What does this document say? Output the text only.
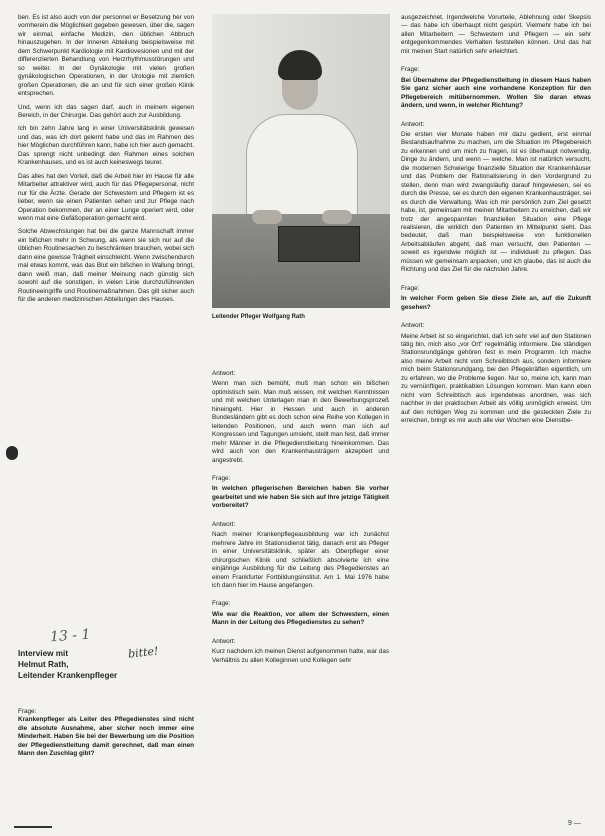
ben. Es ist also auch von der personnel er Besetzung her von vornherein die Möglichkeit gegeben gewesen, über die, sagen wir einmal, einfache Medizin, den üblichen Abbruch hinauszugehen. In der Inneren Abteilung beispielsweise mit dem Schwerpunkt Kardiologie mit Kardiovesionen und mit der differenzierten Behandlung von Herzrhythmusstörungen und so weiter. In der Gynäkologie mit vielen großen gynäkologischen Operationen, in der Urologie mit ziemlich großen Operationen, die an und für sich einer großen Klinik entsprechen.

Und, wenn ich das sagen darf, auch in meinem eigenen Bereich, in der Chirurgie. Das gehört auch zur Ausbildung.

Ich bin zehn Jahre lang in einer Universitätsklinik gewesen und das, was ich dort gelernt habe und das im Rahmen des hier Möglichen durchführen kann, habe ich hier auch gemacht. Das sprengt nicht unbedingt den Rahmen eines solchen Krankenhauses, und es ist auch keineswegs teurer.

Das alles hat den Vorteil, daß die Arbeit hier im Hause für alle Mitarbeiter attraktiver wird, auch für das Pflegepersonal, nicht nur für die Ärzte. Gerade der Schwestern und Pflegern ist es lieber, wenn sie einen Patienten sehen und zur Pflege nach Operation bekommen, der an einer Lunge operiert wird, oder wenn mal eine Gefäßoperation gemacht wird.

Solche Abwechslungen hat bei die ganze Mannschaft immer ein bißchen mehr in Schwung, als wenn sie sich nur auf die üblichen Routinesachen zu beschränken brauchen, wobei sich dann eine gewisse Trägheit einschleicht. Wenn zwischendurch mal etwas kommt, was das Blut ein bißchen in Wallung bringt, dann weiß man, daß meiner Meinung nach günstig sich sowohl auf die sonstigen, in vielen Linie durchzuführenden Routineeingriffe und Routinemaßnahmen. Das gilt sicher auch für die anderen medizinischen Abteilungen des Hauses.

Leitender Pfleger Wolfgang Rath

Antwort:

Wenn man sich bemüht, muß man schon ein bißchen optimistisch sein. Man muß wissen, mit welchen Kenntnissen und mit welchen Unterlagen man in den Bewerbungsprozeß hineingeht. Hier in Hessen und auch in anderen Bundesländern gibt es doch schon eine Reihe von Kollegen in leitenden Positionen, und auch wenn man sich auf Kongressen und Tagungen umsieht, stellt man fest, daß immer mehr Männer in die Pflegedienstleitung hineinkommen. Das wird auch von den Krankenhausträgern akzeptiert und angestrebt.

Frage:

In welchen pflegerischen Bereichen haben Sie vorher gearbeitet und wie haben Sie sich auf Ihre jetzige Tätigkeit vorbereitet?

Antwort:

Nach meiner Krankenpflegeausbildung war ich zunächst mehrere Jahre im Stationsdienst tätig, danach erst als Pfleger in einer Universitätsklinik, später als Oberpfleger einer chirurgischen Klinik und schließlich absolvierte ich eine einjährige Ausbildung für die Leitung des Pflegedienstes an einem Frankfurter Fortbildungsinstitut. Am 1. Mai 1976 habe ich dann hier im Hause angefangen.

Frage:

Wie war die Reaktion, vor allem der Schwestern, einen Mann in der Leitung des Pflegedienstes zu sehen?

Antwort:

Kurz nachdem ich meinen Dienst aufgenommen hatte, war das Verhältnis zu allen Kolleginnen und Kollegen sehr

ausgezeichnet. Irgendwelche Vorurteile, Ablehnung oder Skepsis — das habe ich überhaupt nicht gespürt. Vielmehr habe ich bei allen Mitarbeitern — Schwestern und Pflegern — ein sehr entgegenkommendes Verhalten feststellen können. Und das hat mir meinen Start natürlich sehr erleichtert.

Frage:

Bei Übernahme der Pflegedienstleitung in diesem Haus haben Sie ganz sicher auch eine vorhandene Konzeption für den Pflegebereich mitübernommen. Wollen Sie daran etwas ändern, und wenn, in welcher Richtung?

Antwort:

Die ersten vier Monate haben mir dazu gedient, erst einmal Bestandsaufnahme zu machen, um die Situation im Pflegebereich zu erkennen und um mich zu fragen, ist es überhaupt notwendig, Dinge zu ändern, und wenn — welche. Man ist natürlich versucht, die modernen Schwierige finanzielle Situation der Krankenhäuser und das Problem der Rationalisierung in den Vordergrund zu stellen, denn man wird zwangsläufig darauf hingewiesen, sei es durch die Presse, sei es durch den eigenen Krankenhausträger, sei es durch die Verwaltung. Was ich mir persönlich zum Ziel gesetzt habe, ist, gemeinsam mit meinen Mitarbeitern zu erreichen, daß wir trotz der angespannten finanziellen Situation eine Pflege realisieren, die wirklich den Patienten im Mittelpunkt sieht. Das bedeutet, daß man beispielsweise von funktionellen Arbeitsabläufen abgeht, daß man versucht, den Patienten — soweit es irgendwie möglich ist — individuell zu pflegen. Das müssen wir gemeinsam anpacken, und ich glaube, das ist auch die Richtung und das Ziel für die nächsten Jahre.

Frage:

In welcher Form geben Sie diese Ziele an, auf die Zukunft gesehen?

Antwort:

Meine Arbeit ist so eingerichtet, daß ich sehr viel auf den Stationen tätig bin, mich also „vor Ort" regelmäßig informiere. Die ständigen Stationsrundgänge gehören fest in mein Programm. Ich mache also meine Arbeit nicht vom Schreibtisch aus, sondern informiere mich beim Stationsrundgang, bei den Pflegekräften eigentlich, um zu erfahren, wo die Probleme liegen. Nur so, meine ich, kann man zu vernünftigen, praktikablen Lösungen kommen. Man kann eben nicht vom Schreibtisch aus irgendetwas anordnen, was sich nachher in der praktischen Arbeit als völlig unmöglich erweist. Um auf den richtigen Weg zu kommen und die gesteckten Ziele zu erreichen, bringt es mir auch alle vier Wochen eine Dienstbe-

13 - 1
bitte!
Interview mit
Helmut Rath,
Leitender Krankenpfleger

Frage:

Krankenpfleger als Leiter des Pflegedienstes sind nicht die absolute Ausnahme, aber sicher noch immer eine Minderheit. Haben Sie bei der Bewerbung um die Position der Pflegedienstleitung damit gerechnet, daß man einen Mann den Zuschlag gibt?

9 —
